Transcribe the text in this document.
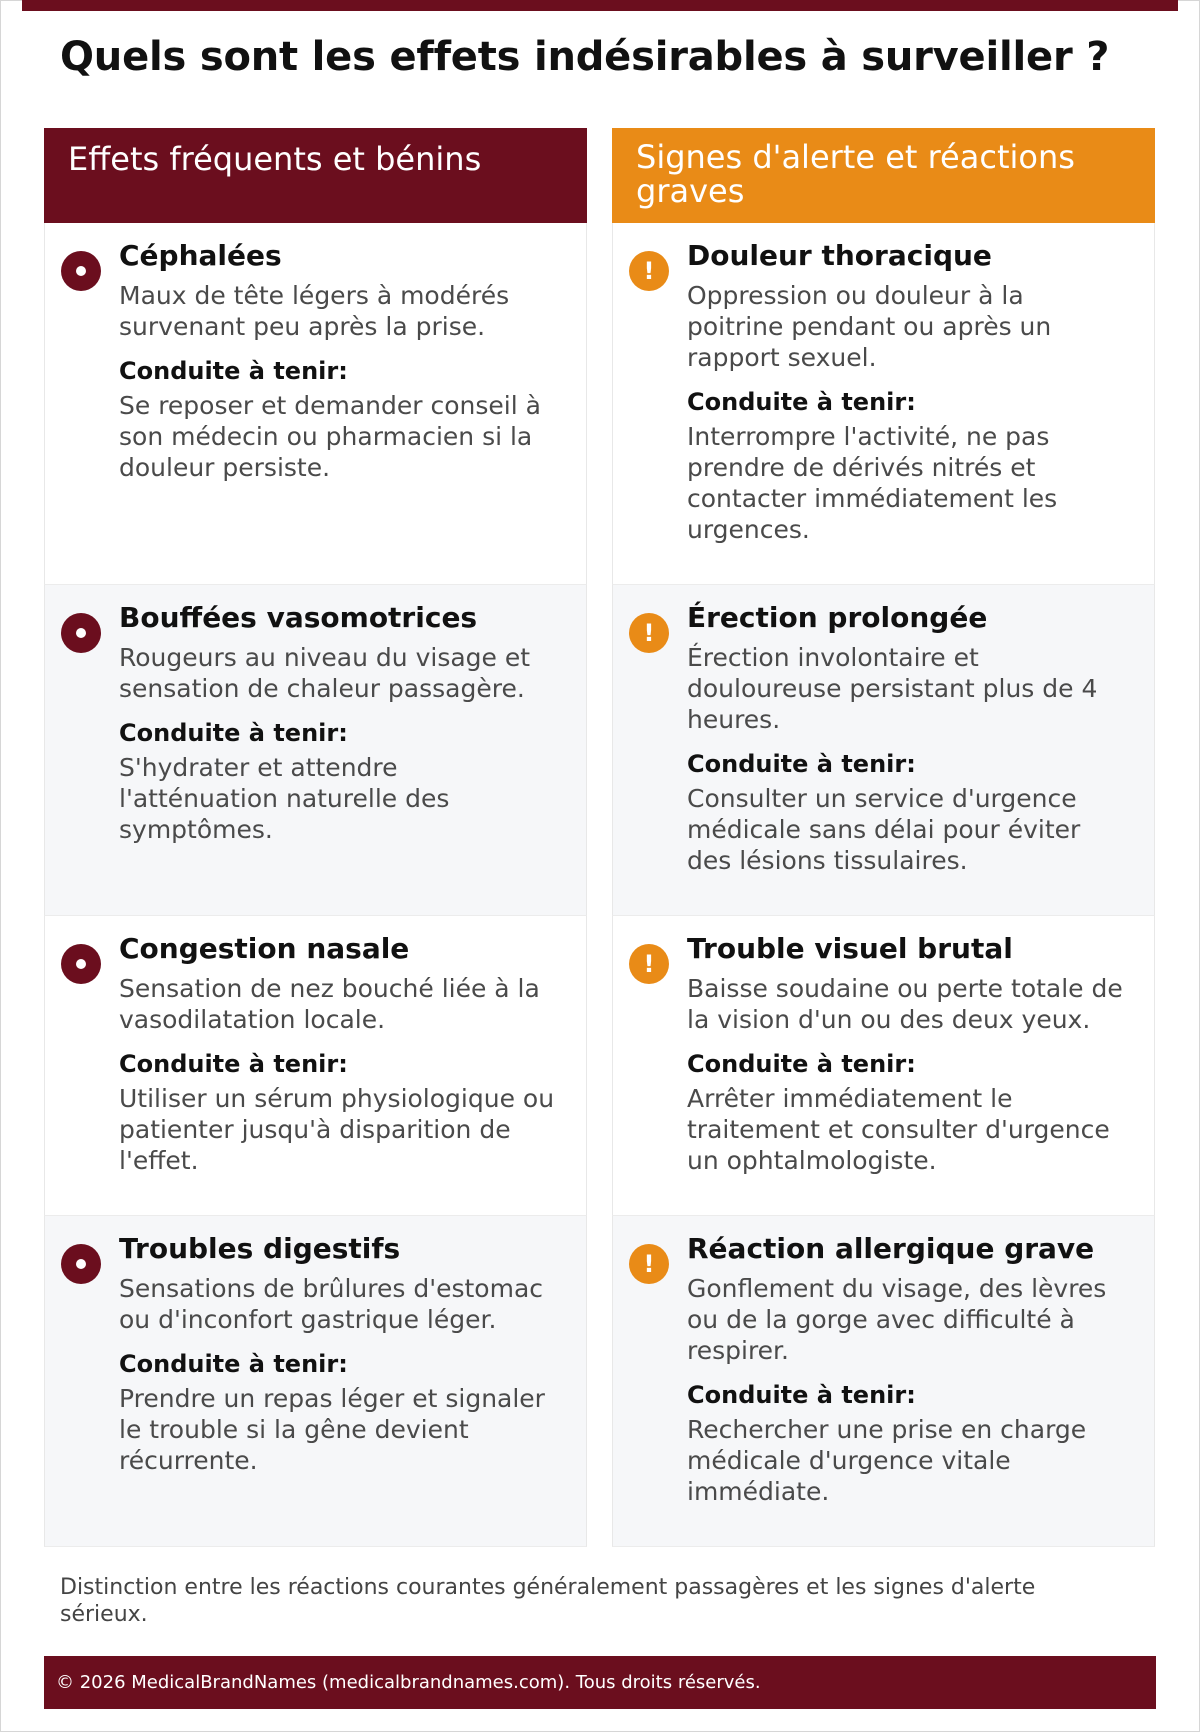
Quels sont les effets indésirables à surveiller ?
Effets fréquents et bénins
Céphalées
Maux de tête légers à modérés survenant peu après la prise.
Conduite à tenir:
Se reposer et demander conseil à son médecin ou pharmacien si la douleur persiste.
Bouffées vasomotrices
Rougeurs au niveau du visage et sensation de chaleur passagère.
Conduite à tenir:
S'hydrater et attendre l'atténuation naturelle des symptômes.
Congestion nasale
Sensation de nez bouché liée à la vasodilatation locale.
Conduite à tenir:
Utiliser un sérum physiologique ou patienter jusqu'à disparition de l'effet.
Troubles digestifs
Sensations de brûlures d'estomac ou d'inconfort gastrique léger.
Conduite à tenir:
Prendre un repas léger et signaler le trouble si la gêne devient récurrente.
Signes d'alerte et réactions graves
!	Douleur thoracique
Oppression ou douleur à la poitrine pendant ou après un rapport sexuel.
Conduite à tenir:
Interrompre l'activité, ne pas prendre de dérivés nitrés et contacter immédiatement les urgences.
!	Érection prolongée
Érection involontaire et douloureuse persistant plus de 4 heures.
Conduite à tenir:
Consulter un service d'urgence médicale sans délai pour éviter des lésions tissulaires.
!	Trouble visuel brutal
Baisse soudaine ou perte totale de la vision d'un ou des deux yeux.
Conduite à tenir:
Arrêter immédiatement le traitement et consulter d'urgence un ophtalmologiste.
!	Réaction allergique grave
Gonflement du visage, des lèvres ou de la gorge avec difficulté à respirer.
Conduite à tenir:
Rechercher une prise en charge médicale d'urgence vitale immédiate.

Distinction entre les réactions courantes généralement passagères et les signes d'alerte sérieux.

© 2026 MedicalBrandNames (medicalbrandnames.com). Tous droits réservés.
